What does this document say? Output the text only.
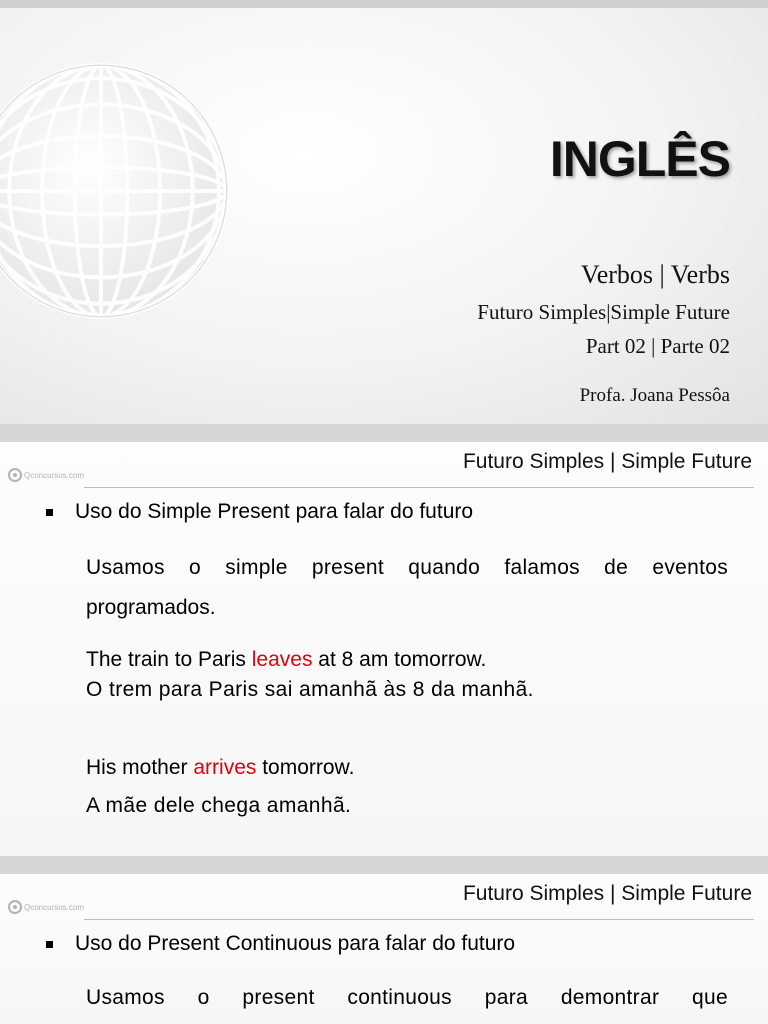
INGLÊS
Verbos | Verbs
Futuro Simples|Simple Future
Part 02 | Parte 02
Profa. Joana Pessôa
Qconcursos.com
Futuro Simples | Simple Future
Uso do Simple Present para falar do futuro
Usamos o simple present quando falamos de eventos
programados.
The train to Paris leaves at 8 am tomorrow.
O trem para Paris sai amanhã às 8 da manhã.
His mother arrives tomorrow.
A mãe dele chega amanhã.
Qconcursos.com
Futuro Simples | Simple Future
Uso do Present Continuous para falar do futuro
Usamos o present continuous para demontrar que
